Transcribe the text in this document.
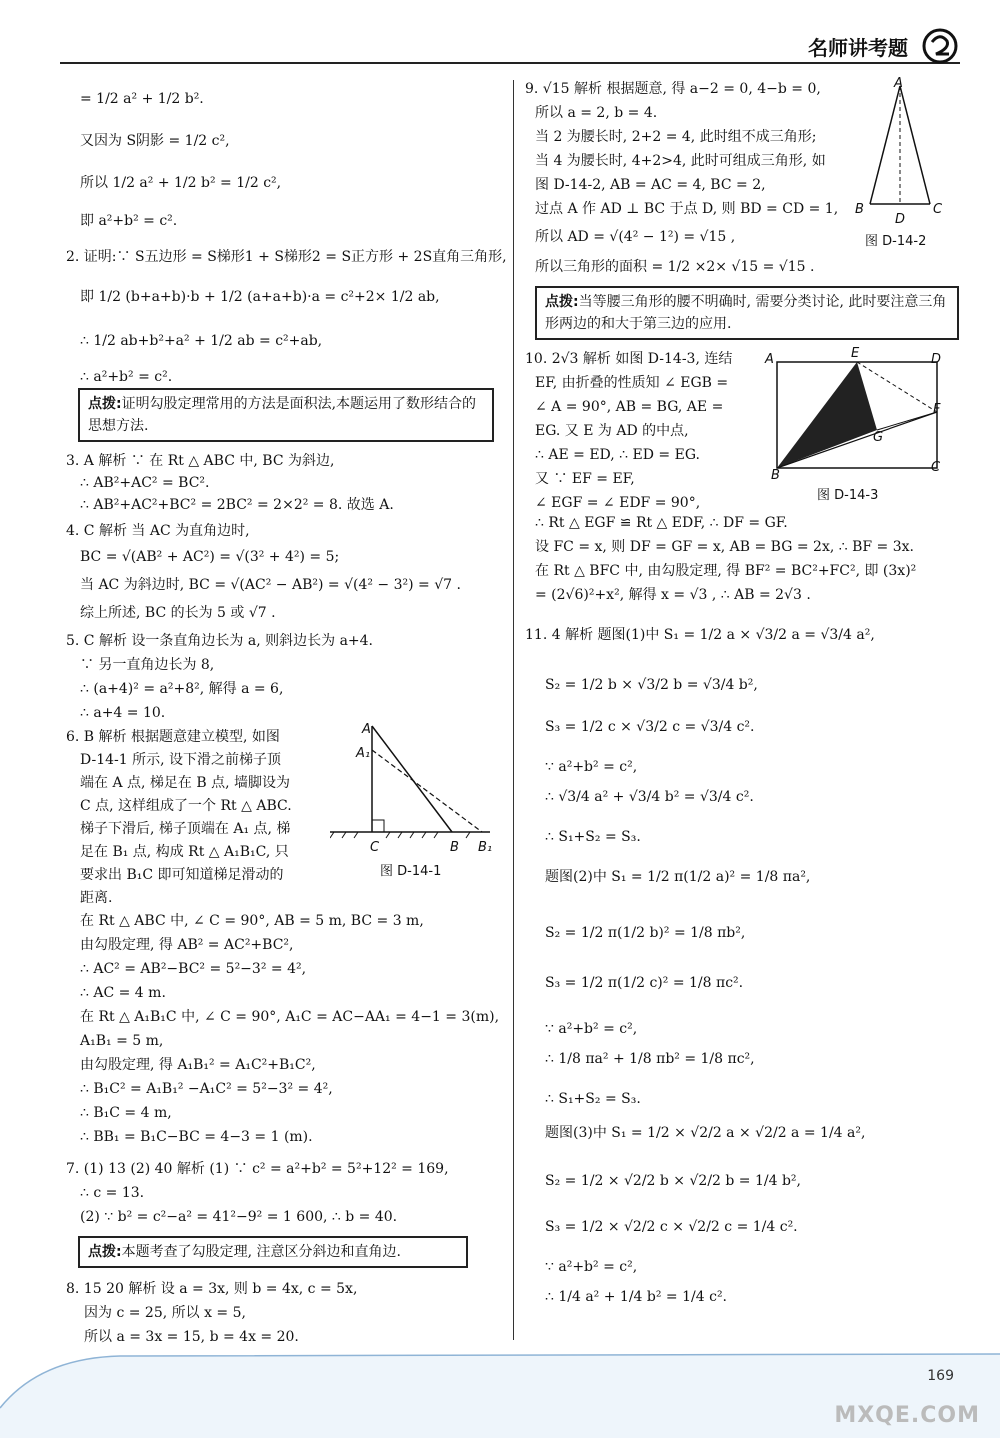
名师讲考题
= 1/2 a² + 1/2 b².
又因为 S阴影 = 1/2 c²,
所以 1/2 a² + 1/2 b² = 1/2 c²,
即 a²+b² = c².
2. 证明:∵ S五边形 = S梯形1 + S梯形2 = S正方形 + 2S直角三角形,
即 1/2 (b+a+b)·b + 1/2 (a+a+b)·a = c²+2× 1/2 ab,
∴ 1/2 ab+b²+a² + 1/2 ab = c²+ab,
∴ a²+b² = c².
点拨:证明勾股定理常用的方法是面积法,本题运用了数形结合的思想方法.
3. A 解析 ∵ 在 Rt △ ABC 中, BC 为斜边,
∴ AB²+AC² = BC².
∴ AB²+AC²+BC² = 2BC² = 2×2² = 8. 故选 A.
4. C 解析 当 AC 为直角边时,
BC = √(AB² + AC²) = √(3² + 4²) = 5;
当 AC 为斜边时, BC = √(AC² − AB²) = √(4² − 3²) = √7 .
综上所述, BC 的长为 5 或 √7 .
5. C 解析 设一条直角边长为 a, 则斜边长为 a+4.
∵ 另一直角边长为 8,
∴ (a+4)² = a²+8², 解得 a = 6,
∴ a+4 = 10.
6. B 解析 根据题意建立模型, 如图
D-14-1 所示, 设下滑之前梯子顶
端在 A 点, 梯足在 B 点, 墙脚设为
C 点, 这样组成了一个 Rt △ ABC.
梯子下滑后, 梯子顶端在 A₁ 点, 梯
足在 B₁ 点, 构成 Rt △ A₁B₁C, 只
要求出 B₁C 即可知道梯足滑动的
距离.
A
A₁
C	B B₁
图 D-14-1
在 Rt △ ABC 中, ∠ C = 90°, AB = 5 m, BC = 3 m,
由勾股定理, 得 AB² = AC²+BC²,
∴ AC² = AB²−BC² = 5²−3² = 4²,
∴ AC = 4 m.
在 Rt △ A₁B₁C 中, ∠ C = 90°, A₁C = AC−AA₁ = 4−1 = 3(m),
A₁B₁ = 5 m,
由勾股定理, 得 A₁B₁² = A₁C²+B₁C²,
∴ B₁C² = A₁B₁² −A₁C² = 5²−3² = 4²,
∴ B₁C = 4 m,
∴ BB₁ = B₁C−BC = 4−3 = 1 (m).
7. (1) 13 (2) 40 解析 (1) ∵ c² = a²+b² = 5²+12² = 169,
∴ c = 13.
(2) ∵ b² = c²−a² = 41²−9² = 1 600, ∴ b = 40.
点拨:本题考查了勾股定理, 注意区分斜边和直角边.
8. 15 20 解析 设 a = 3x, 则 b = 4x, c = 5x,
因为 c = 25, 所以 x = 5,
所以 a = 3x = 15, b = 4x = 20.
9. √15 解析 根据题意, 得 a−2 = 0, 4−b = 0,
所以 a = 2, b = 4.
当 2 为腰长时, 2+2 = 4, 此时组不成三角形;
当 4 为腰长时, 4+2>4, 此时可组成三角形, 如
图 D-14-2, AB = AC = 4, BC = 2,
过点 A 作 AD ⊥ BC 于点 D, 则 BD = CD = 1,
所以 AD = √(4² − 1²) = √15 ,
所以三角形的面积 = 1/2 ×2× √15 = √15 .
A
B
D
C
图 D-14-2
点拨:当等腰三角形的腰不明确时, 需要分类讨论, 此时要注意三角形两边的和大于第三边的应用.
10. 2√3 解析 如图 D-14-3, 连结
EF, 由折叠的性质知 ∠ EGB =
∠ A = 90°, AB = BG, AE =
EG. 又 E 为 AD 的中点,
∴ AE = ED, ∴ ED = EG.
又 ∵ EF = EF,
∠ EGF = ∠ EDF = 90°,
A	E	D
F
G
B
C
图 D-14-3
∴ Rt △ EGF ≌ Rt △ EDF, ∴ DF = GF.
设 FC = x, 则 DF = GF = x, AB = BG = 2x, ∴ BF = 3x.
在 Rt △ BFC 中, 由勾股定理, 得 BF² = BC²+FC², 即 (3x)²
= (2√6)²+x², 解得 x = √3 , ∴ AB = 2√3 .
11. 4 解析 题图(1)中 S₁ = 1/2 a × √3/2 a = √3/4 a²,
S₂ = 1/2 b × √3/2 b = √3/4 b²,
S₃ = 1/2 c × √3/2 c = √3/4 c².
∵ a²+b² = c²,
∴ √3/4 a² + √3/4 b² = √3/4 c².
∴ S₁+S₂ = S₃.
题图(2)中 S₁ = 1/2 π(1/2 a)² = 1/8 πa²,
S₂ = 1/2 π(1/2 b)² = 1/8 πb²,
S₃ = 1/2 π(1/2 c)² = 1/8 πc².
∵ a²+b² = c²,
∴ 1/8 πa² + 1/8 πb² = 1/8 πc²,
∴ S₁+S₂ = S₃.
题图(3)中 S₁ = 1/2 × √2/2 a × √2/2 a = 1/4 a²,
S₂ = 1/2 × √2/2 b × √2/2 b = 1/4 b²,
S₃ = 1/2 × √2/2 c × √2/2 c = 1/4 c².
∵ a²+b² = c²,
∴ 1/4 a² + 1/4 b² = 1/4 c².
169
MXQE.COM
